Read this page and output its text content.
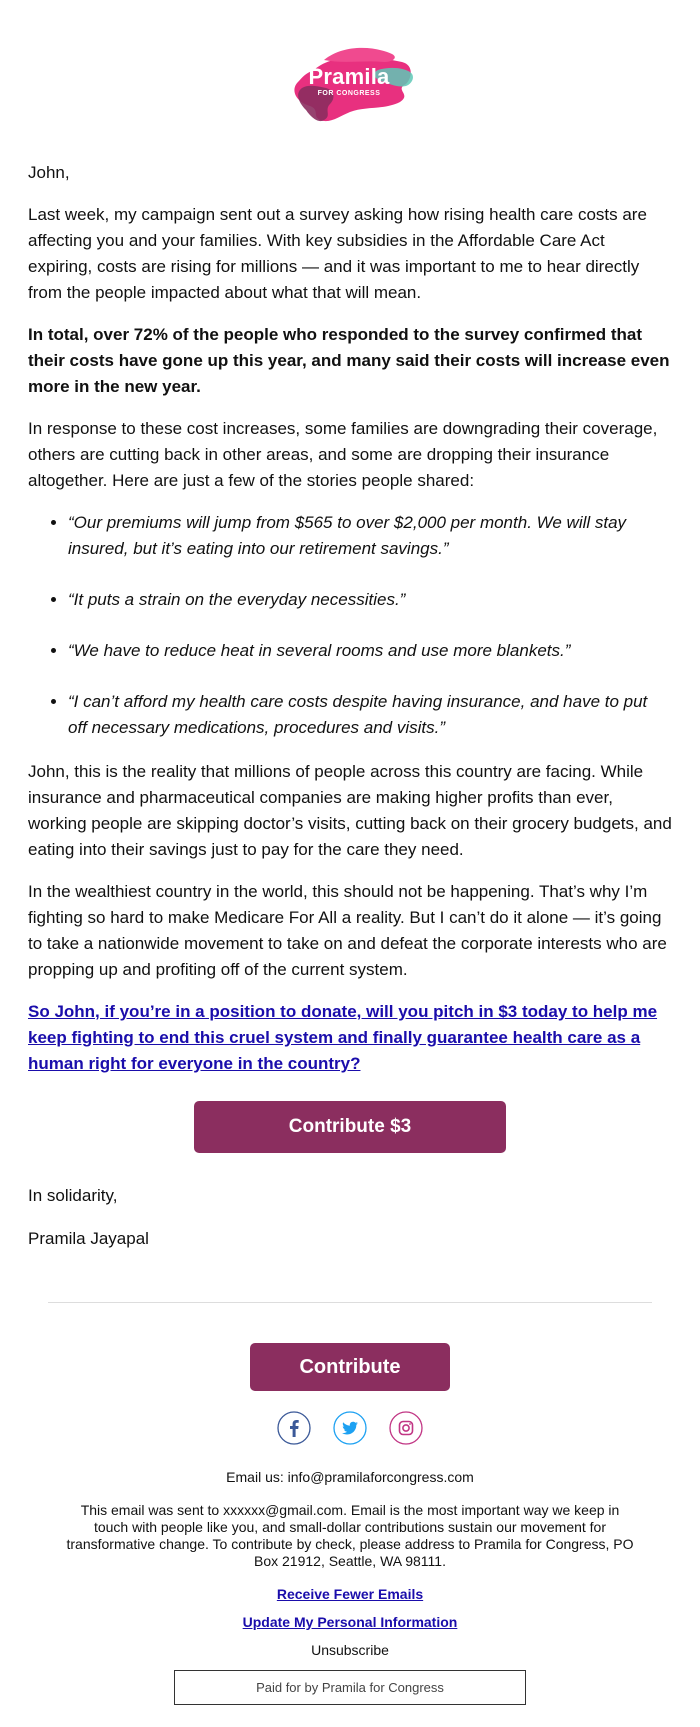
Pramila
FOR CONGRESS

John,

Last week, my campaign sent out a survey asking how rising health care costs are affecting you and your families. With key subsidies in the Affordable Care Act expiring, costs are rising for millions — and it was important to me to hear directly from the people impacted about what that will mean.

In total, over 72% of the people who responded to the survey confirmed that their costs have gone up this year, and many said their costs will increase even more in the new year.

In response to these cost increases, some families are downgrading their coverage, others are cutting back in other areas, and some are dropping their insurance altogether. Here are just a few of the stories people shared:

• “Our premiums will jump from $565 to over $2,000 per month. We will stay insured, but it’s eating into our retirement savings.”
• “It puts a strain on the everyday necessities.”
• “We have to reduce heat in several rooms and use more blankets.”
• “I can’t afford my health care costs despite having insurance, and have to put off necessary medications, procedures and visits.”

John, this is the reality that millions of people across this country are facing. While insurance and pharmaceutical companies are making higher profits than ever, working people are skipping doctor’s visits, cutting back on their grocery budgets, and eating into their savings just to pay for the care they need.

In the wealthiest country in the world, this should not be happening. That’s why I’m fighting so hard to make Medicare For All a reality. But I can’t do it alone — it’s going to take a nationwide movement to take on and defeat the corporate interests who are propping up and profiting off of the current system.

So John, if you’re in a position to donate, will you pitch in $3 today to help me keep fighting to end this cruel system and finally guarantee health care as a human right for everyone in the country?
Contribute $3

In solidarity,

Pramila Jayapal

Contribute

Email us: info@pramilaforcongress.com
This email was sent to xxxxxx@gmail.com. Email is the most important way we keep in touch with people like you, and small-dollar contributions sustain our movement for transformative change. To contribute by check, please address to Pramila for Congress, PO Box 21912, Seattle, WA 98111.
Receive Fewer Emails
Update My Personal Information
Unsubscribe
Paid for by Pramila for Congress
